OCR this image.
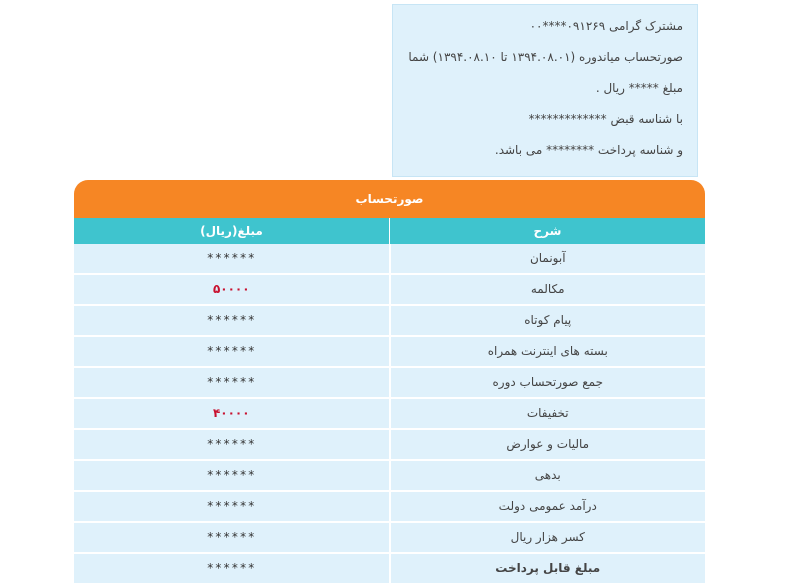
مشترک گرامی ۰۹۱۲۶۹****۰۰
صورتحساب میاندوره (۱۳۹۴.۰۸.۰۱ تا ۱۳۹۴.۰۸.۱۰) شما
مبلغ ***** ریال .
با شناسه قبض *************
و شناسه پرداخت ******** می باشد.
صورتحساب
شرح
مبلغ(ریال)
آبونمان
******
مکالمه
۵۰۰۰۰
پیام کوتاه
******
بسته های اینترنت همراه
******
جمع صورتحساب دوره
******
تخفیفات
۴۰۰۰۰
مالیات و عوارض
******
بدهی
******
درآمد عمومی دولت
******
کسر هزار ریال
******
مبلغ قابل پرداخت
******
